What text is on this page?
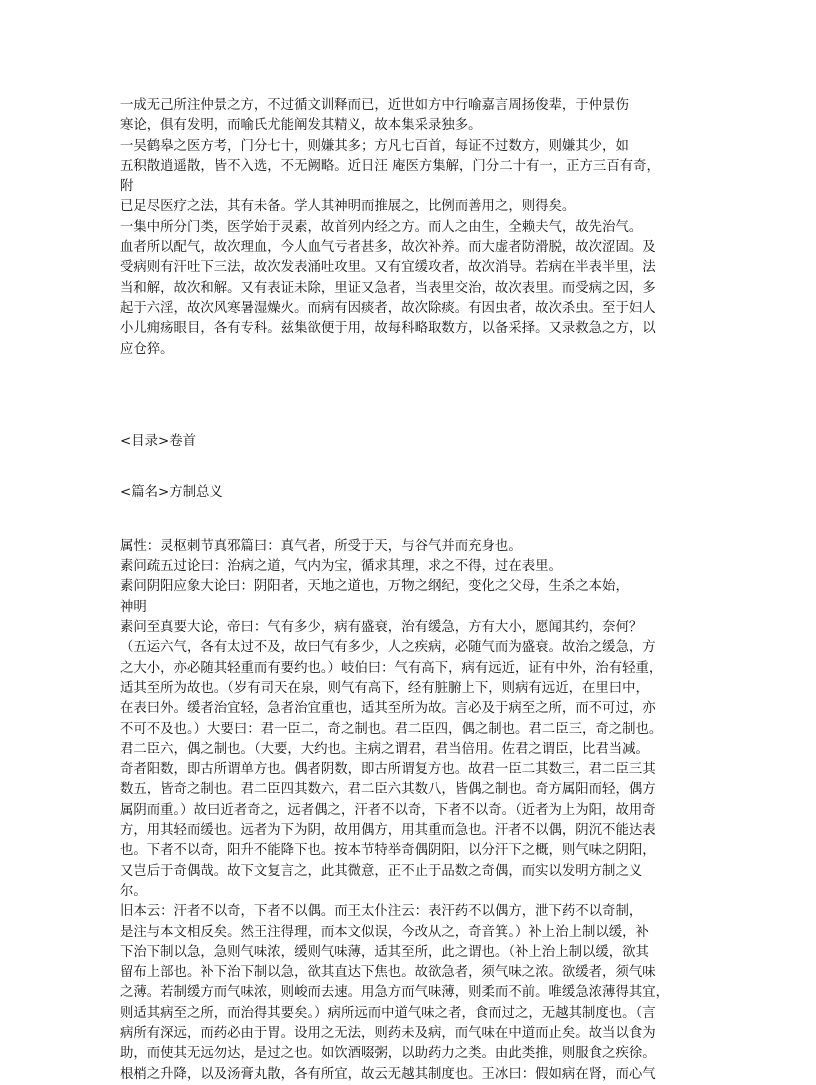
一成无己所注仲景之方，不过循文训释而已，近世如方中行喻嘉言周扬俊辈，于仲景伤
寒论，俱有发明，而喻氏尤能阐发其精义，故本集采录独多。
一吴鹤皋之医方考，门分七十，则嫌其多；方凡七百首，每证不过数方，则嫌其少，如
五积散逍遥散，皆不入选，不无阙略。近日汪 庵医方集解，门分二十有一，正方三百有奇，
附
已足尽医疗之法，其有未备。学人其神明而推展之，比例而善用之，则得矣。
一集中所分门类，医学始于灵素，故首列内经之方。而人之由生，全赖夫气，故先治气。
血者所以配气，故次理血，今人血气亏者甚多，故次补养。而大虚者防滑脱，故次涩固。及
受病则有汗吐下三法，故次发表涌吐攻里。又有宜缓攻者，故次消导。若病在半表半里，法
当和解，故次和解。又有表证未除，里证又急者，当表里交治，故次表里。而受病之因，多
起于六淫，故次风寒暑湿燥火。而病有因痰者，故次除痰。有因虫者，故次杀虫。至于妇人
小儿痈疡眼目，各有专科。兹集欲便于用，故每科略取数方，以备采择。又录救急之方，以
应仓猝。
<目录>卷首
<篇名>方制总义
属性：灵枢刺节真邪篇曰：真气者，所受于天，与谷气并而充身也。
素问疏五过论曰：治病之道，气内为宝，循求其理，求之不得，过在表里。
素问阴阳应象大论曰：阴阳者，天地之道也，万物之纲纪，变化之父母，生杀之本始，
神明
素问至真要大论，帝曰：气有多少，病有盛衰，治有缓急，方有大小，愿闻其约，奈何？
（五运六气，各有太过不及，故曰气有多少，人之疾病，必随气而为盛衰。故治之缓急，方
之大小，亦必随其轻重而有要约也。）岐伯曰：气有高下，病有远近，证有中外，治有轻重，
适其至所为故也。（岁有司天在泉，则气有高下，经有脏腑上下，则病有远近，在里曰中，
在表曰外。缓者治宜轻，急者治宜重也，适其至所为故。言必及于病至之所，而不可过，亦
不可不及也。）大要曰：君一臣二，奇之制也。君二臣四，偶之制也。君二臣三，奇之制也。
君二臣六，偶之制也。（大要，大约也。主病之谓君，君当倍用。佐君之谓臣，比君当减。
奇者阳数，即古所谓单方也。偶者阴数，即古所谓复方也。故君一臣二其数三，君二臣三其
数五，皆奇之制也。君二臣四其数六，君二臣六其数八，皆偶之制也。奇方属阳而轻，偶方
属阴而重。）故曰近者奇之，远者偶之，汗者不以奇，下者不以奇。（近者为上为阳，故用奇
方，用其轻而缓也。远者为下为阴，故用偶方，用其重而急也。汗者不以偶，阴沉不能达表
也。下者不以奇，阳升不能降下也。按本节特举奇偶阴阳，以分汗下之概，则气味之阴阳，
又岂后于奇偶哉。故下文复言之，此其微意，正不止于品数之奇偶，而实以发明方制之义
尔。
旧本云：汗者不以奇，下者不以偶。而王太仆注云：表汗药不以偶方，泄下药不以奇制，
是注与本文相反矣。然王注得理，而本文似误，今改从之，奇音箕。）补上治上制以缓，补
下治下制以急，急则气味浓，缓则气味薄，适其至所，此之谓也。（补上治上制以缓，欲其
留布上部也。补下治下制以急，欲其直达下焦也。故欲急者，须气味之浓。欲缓者，须气味
之薄。若制缓方而气味浓，则峻而去速。用急方而气味薄，则柔而不前。唯缓急浓薄得其宜，
则适其病至之所，而治得其要矣。）病所远而中道气味之者，食而过之，无越其制度也。（言
病所有深远，而药必由于胃。设用之无法，则药未及病，而气味在中道而止矣。故当以食为
助，而使其无远勿达，是过之也。如饮酒啜粥，以助药力之类。由此类推，则服食之疾徐。
根梢之升降，以及汤膏丸散，各有所宜，故云无越其制度也。王冰曰：假如病在肾，而心气
